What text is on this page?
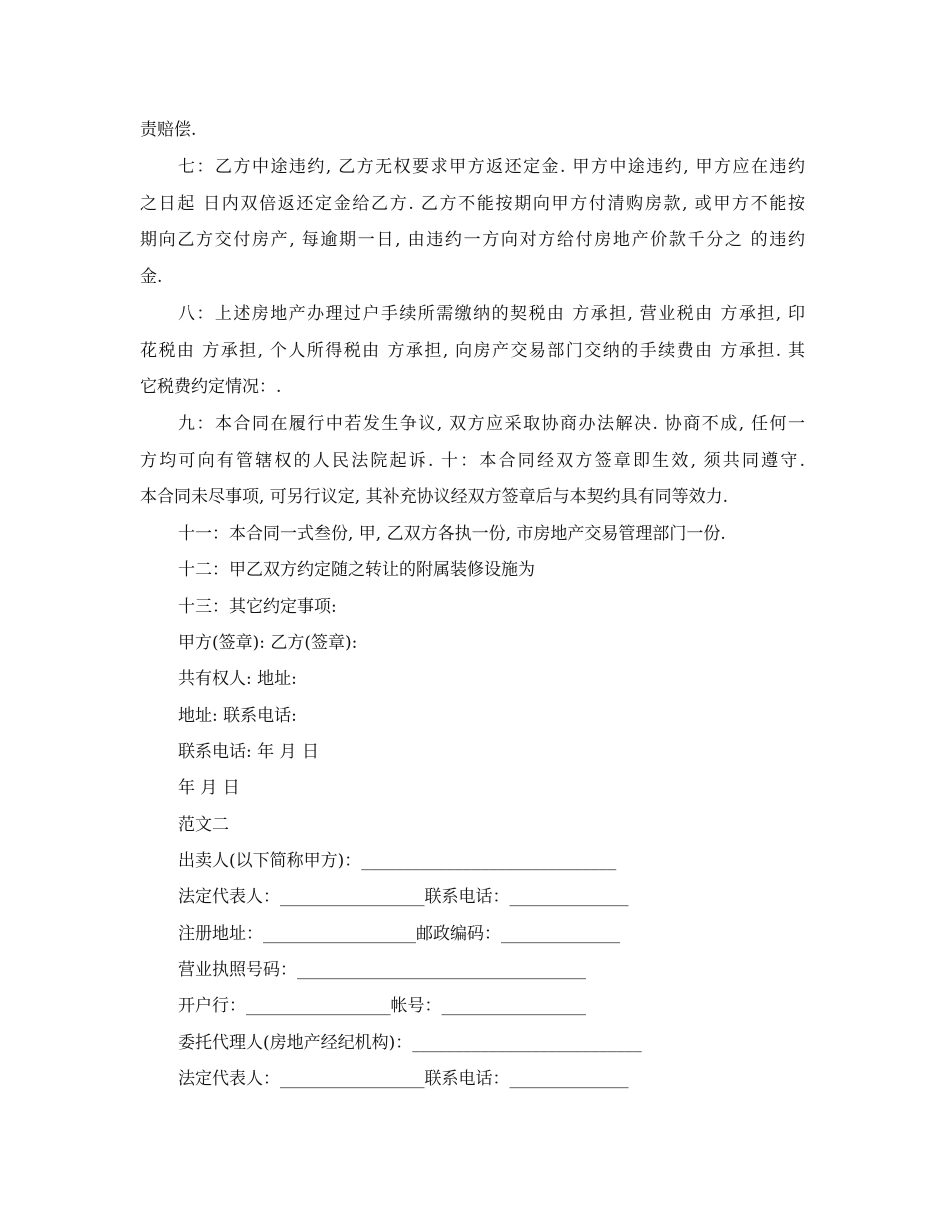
责赔偿.
七：乙方中途违约, 乙方无权要求甲方返还定金. 甲方中途违约, 甲方应在违约
之日起 日内双倍返还定金给乙方. 乙方不能按期向甲方付清购房款, 或甲方不能按
期向乙方交付房产, 每逾期一日, 由违约一方向对方给付房地产价款千分之 的违约
金.
八：上述房地产办理过户手续所需缴纳的契税由 方承担, 营业税由 方承担, 印
花税由 方承担, 个人所得税由 方承担, 向房产交易部门交纳的手续费由 方承担. 其
它税费约定情况：.
九：本合同在履行中若发生争议, 双方应采取协商办法解决. 协商不成, 任何一
方均可向有管辖权的人民法院起诉. 十：本合同经双方签章即生效, 须共同遵守.
本合同未尽事项, 可另行议定, 其补充协议经双方签章后与本契约具有同等效力.
十一：本合同一式叁份, 甲, 乙双方各执一份, 市房地产交易管理部门一份.
十二：甲乙双方约定随之转让的附属装修设施为
十三：其它约定事项:
甲方(签章): 乙方(签章):
共有权人: 地址:
地址: 联系电话:
联系电话: 年 月 日
年 月 日
范文二
出卖人(以下简称甲方)：______________________________
法定代表人：_________________联系电话：______________
注册地址：__________________邮政编码：______________
营业执照号码：__________________________________
开户行：_________________帐号：_________________
委托代理人(房地产经纪机构)：___________________________
法定代表人：_________________联系电话：______________
